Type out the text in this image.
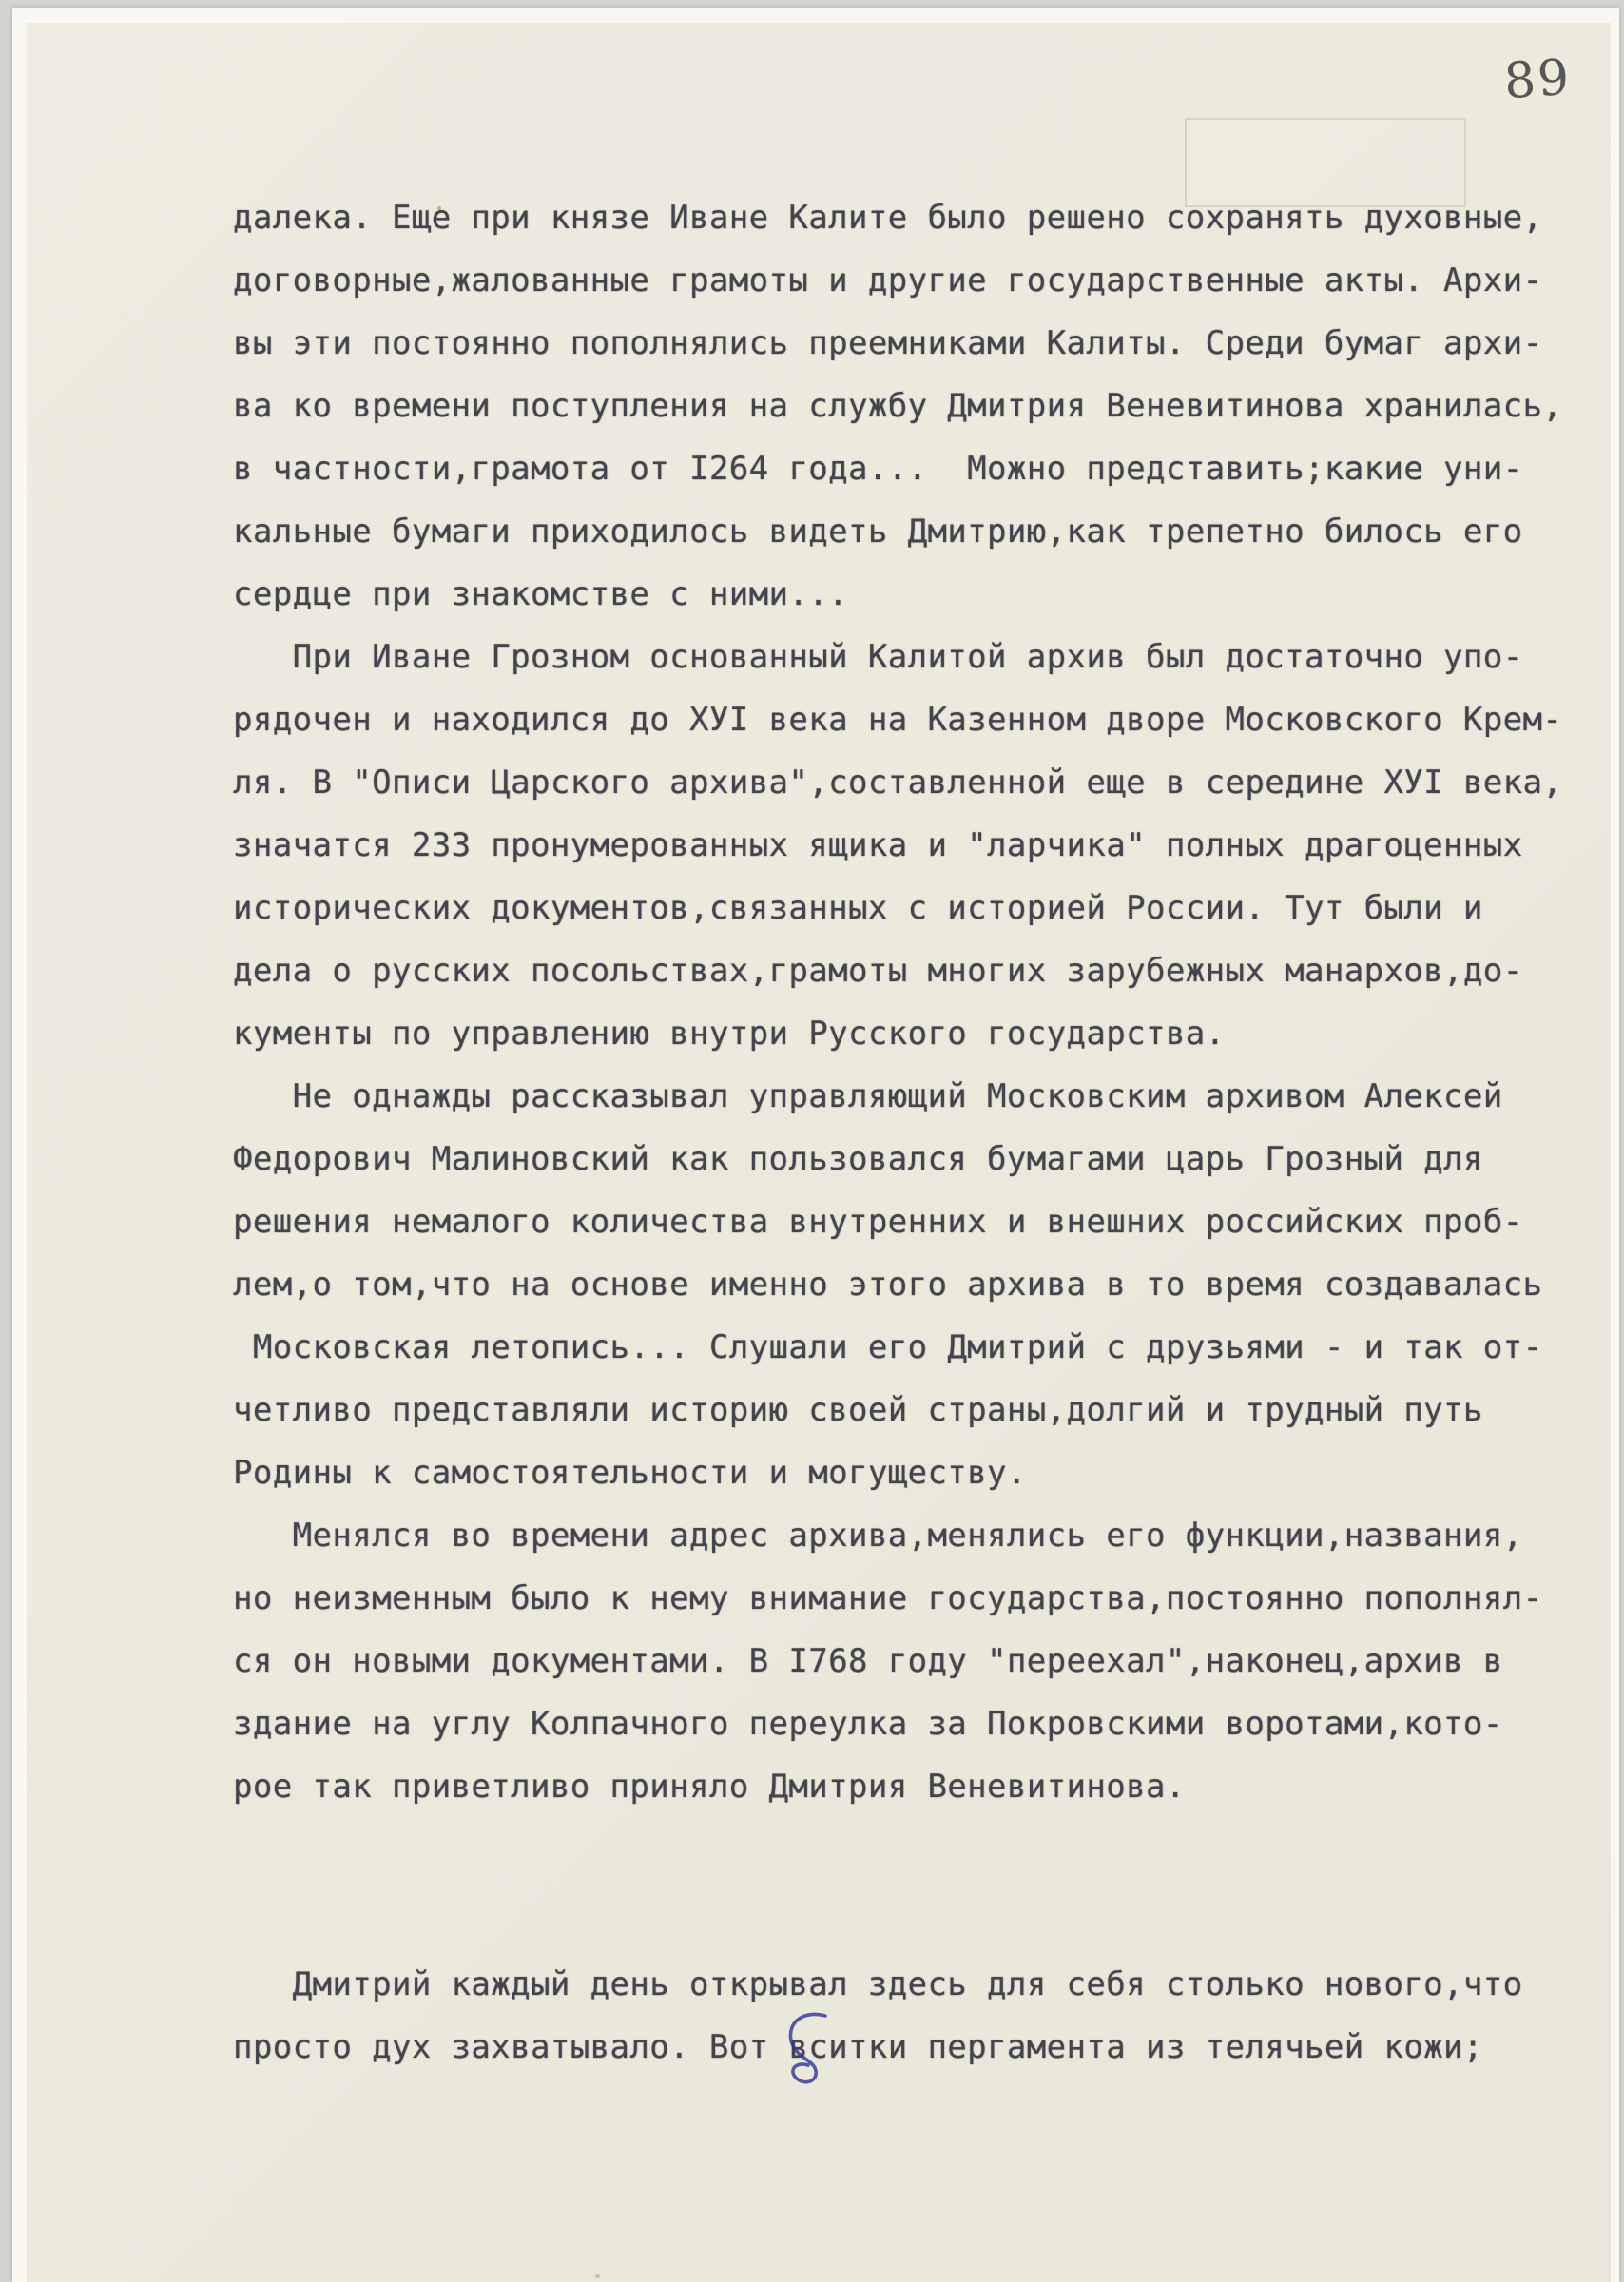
89
далека. Еще при князе Иване Калите было решено сохранять духовные,
договорные,жалованные грамоты и другие государственные акты. Архи-
вы эти постоянно пополнялись преемниками Калиты. Среди бумаг архи-
ва ко времени поступления на службу Дмитрия Веневитинова хранилась,
в частности,грамота от I264 года...  Можно представить;какие уни-
кальные бумаги приходилось видеть Дмитрию,как трепетно билось его
сердце при знакомстве с ними...
При Иване Грозном основанный Калитой архив был достаточно упо-
рядочен и находился до ХУI века на Казенном дворе Московского Крем-
ля. В "Описи Царского архива",составленной еще в середине ХУI века,
значатся 233 пронумерованных ящика и "ларчика" полных драгоценных
исторических документов,связанных с историей России. Тут были и
дела о русских посольствах,грамоты многих зарубежных манархов,до-
кументы по управлению внутри Русского государства.
Не однажды рассказывал управляющий Московским архивом Алексей
Федорович Малиновский как пользовался бумагами царь Грозный для
решения немалого количества внутренних и внешних российских проб-
лем,о том,что на основе именно этого архива в то время создавалась
Московская летопись... Слушали его Дмитрий с друзьями - и так от-
четливо представляли историю своей страны,долгий и трудный путь
Родины к самостоятельности и могуществу.
Менялся во времени адрес архива,менялись его функции,названия,
но неизменным было к нему внимание государства,постоянно пополнял-
ся он новыми документами. В I768 году "переехал",наконец,архив в
здание на углу Колпачного переулка за Покровскими воротами,кото-
рое так приветливо приняло Дмитрия Веневитинова.
Дмитрий каждый день открывал здесь для себя столько нового,что
просто дух захватывало. Вот вситки пергамента из телячьей кожи;
